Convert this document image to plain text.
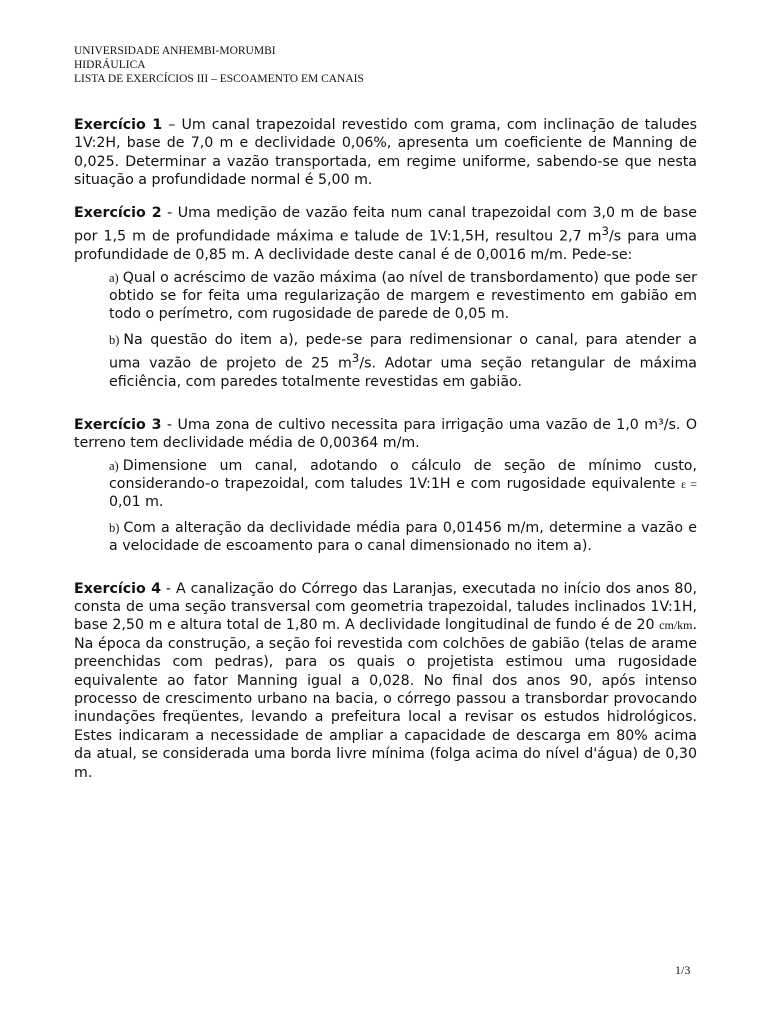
UNIVERSIDADE ANHEMBI-MORUMBI
HIDRÁULICA
LISTA DE EXERCÍCIOS III – ESCOAMENTO EM CANAIS

Exercício 1 – Um canal trapezoidal revestido com grama, com inclinação de taludes 1V:2H, base de 7,0 m e declividade 0,06%, apresenta um coeficiente de Manning de 0,025. Determinar a vazão transportada, em regime uniforme, sabendo-se que nesta situação a profundidade normal é 5,00 m.

Exercício 2 - Uma medição de vazão feita num canal trapezoidal com 3,0 m de base por 1,5 m de profundidade máxima e talude de 1V:1,5H, resultou 2,7 $m^3/s$ para uma profundidade de 0,85 m. A declividade deste canal é de 0,0016 m/m. Pede-se:

a) Qual o acréscimo de vazão máxima (ao nível de transbordamento) que pode ser obtido se for feita uma regularização de margem e revestimento em gabião em todo o perímetro, com rugosidade de parede de 0,05 m.

b) Na questão do item a), pede-se para redimensionar o canal, para atender a uma vazão de projeto de 25 $m^3/s$. Adotar uma seção retangular de máxima eficiência, com paredes totalmente revestidas em gabião.

Exercício 3 - Uma zona de cultivo necessita para irrigação uma vazão de 1,0 m³/s. O terreno tem declividade média de 0,00364 m/m.

a) Dimensione um canal, adotando o cálculo de seção de mínimo custo, considerando-o trapezoidal, com taludes 1V:1H e com rugosidade equivalente ε = 0,01 m.

b) Com a alteração da declividade média para 0,01456 m/m, determine a vazão e a velocidade de escoamento para o canal dimensionado no item a).

Exercício 4 - A canalização do Córrego das Laranjas, executada no início dos anos 80, consta de uma seção transversal com geometria trapezoidal, taludes inclinados 1V:1H, base 2,50 m e altura total de 1,80 m. A declividade longitudinal de fundo é de 20 cm/km. Na época da construção, a seção foi revestida com colchões de gabião (telas de arame preenchidas com pedras), para os quais o projetista estimou uma rugosidade equivalente ao fator Manning igual a 0,028. No final dos anos 90, após intenso processo de crescimento urbano na bacia, o córrego passou a transbordar provocando inundações freqüentes, levando a prefeitura local a revisar os estudos hidrológicos. Estes indicaram a necessidade de ampliar a capacidade de descarga em 80% acima da atual, se considerada uma borda livre mínima (folga acima do nível d'água) de 0,30 m.

1/3
